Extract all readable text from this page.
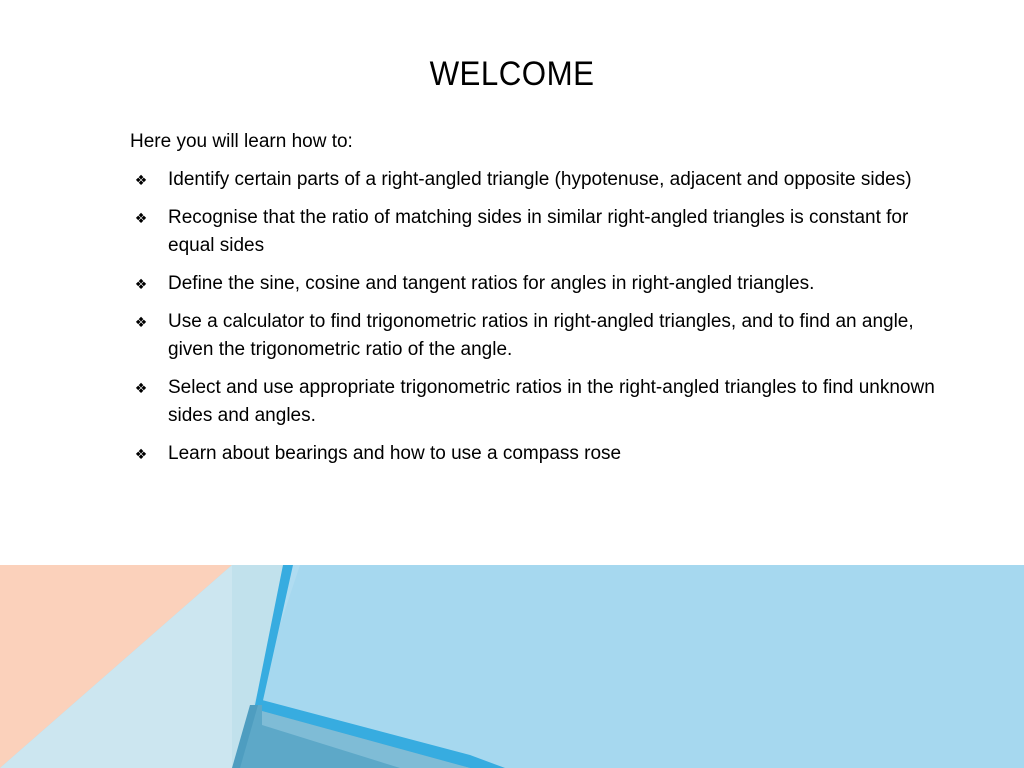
WELCOME
Here you will learn how to:
❖ Identify certain parts of a right-angled triangle (hypotenuse, adjacent and opposite sides)
❖ Recognise that the ratio of matching sides in similar right-angled triangles is constant for equal sides
❖ Define the sine, cosine and tangent ratios for angles in right-angled triangles.
❖ Use a calculator to find trigonometric ratios in right-angled triangles, and to find an angle, given the trigonometric ratio of the angle.
❖ Select and use appropriate trigonometric ratios in the right-angled triangles to find unknown sides and angles.
❖ Learn about bearings and how to use a compass rose
